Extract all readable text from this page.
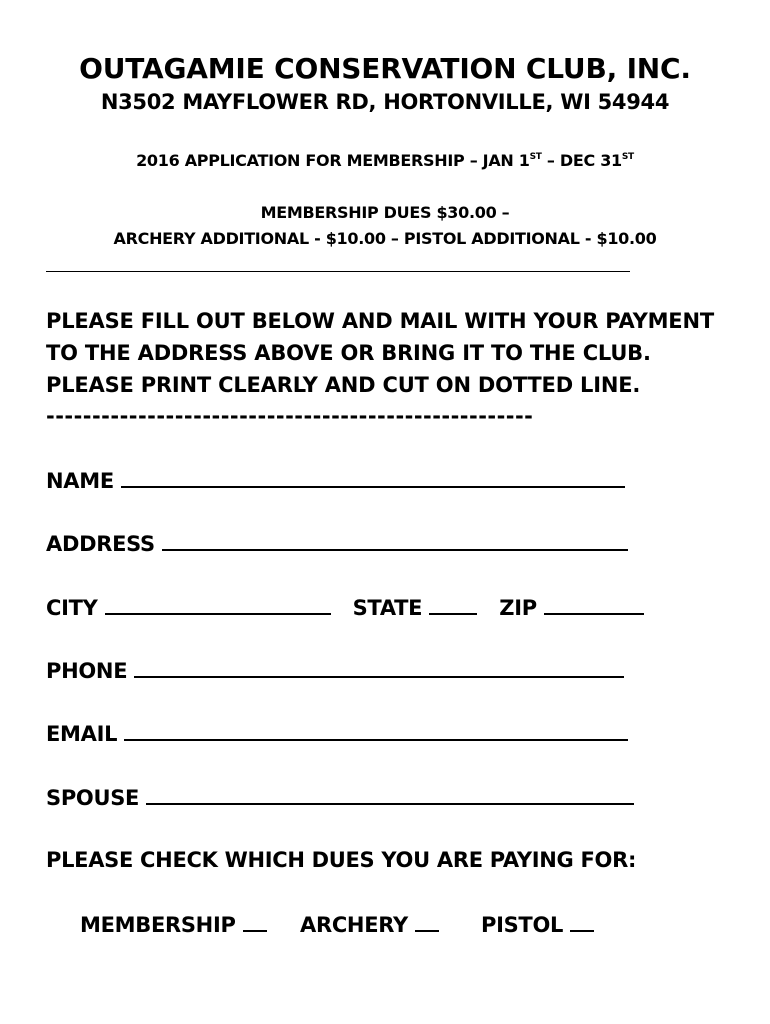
OUTAGAMIE CONSERVATION CLUB, INC.
N3502 MAYFLOWER RD, HORTONVILLE, WI 54944
2016 APPLICATION FOR MEMBERSHIP – JAN 1ST – DEC 31ST
MEMBERSHIP DUES $30.00 –
ARCHERY ADDITIONAL - $10.00 – PISTOL ADDITIONAL - $10.00
PLEASE FILL OUT BELOW AND MAIL WITH YOUR PAYMENT
TO THE ADDRESS ABOVE OR BRING IT TO THE CLUB.
PLEASE PRINT CLEARLY AND CUT ON DOTTED LINE.
-----------------------------------------------------
NAME
ADDRESS
CITY	STATE	ZIP
PHONE
EMAIL
SPOUSE
PLEASE CHECK WHICH DUES YOU ARE PAYING FOR:
MEMBERSHIP	ARCHERY	PISTOL
